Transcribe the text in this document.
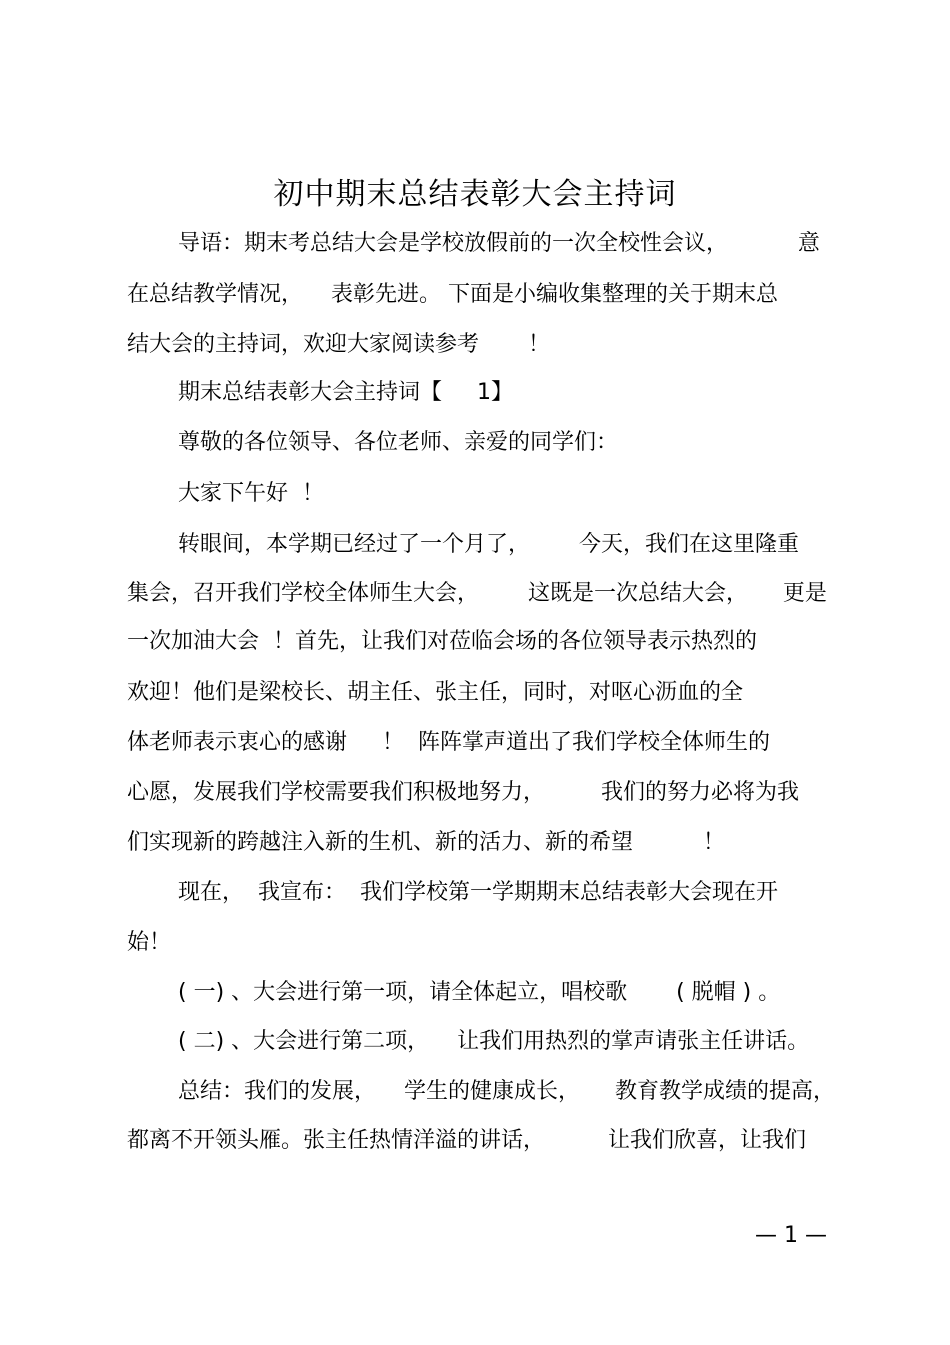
初中期末总结表彰大会主持词
导语：期末考总结大会是学校放假前的一次全校性会议，          意
在总结教学情况，    表彰先进。 下面是小编收集整理的关于期末总
结大会的主持词，欢迎大家阅读参考       ！
期末总结表彰大会主持词【     1】
尊敬的各位领导、各位老师、亲爱的同学们：
大家下午好  ！
转眼间，本学期已经过了一个月了，       今天，我们在这里隆重
集会，召开我们学校全体师生大会，       这既是一次总结大会，     更是
一次加油大会  ！首先，让我们对莅临会场的各位领导表示热烈的
欢迎！他们是梁校长、胡主任、张主任，同时，对呕心沥血的全
体老师表示衷心的感谢     ！  阵阵掌声道出了我们学校全体师生的
心愿，发展我们学校需要我们积极地努力，        我们的努力必将为我
们实现新的跨越注入新的生机、新的活力、新的希望          ！
现在，  我宣布：  我们学校第一学期期末总结表彰大会现在开
始！
( 一) 、大会进行第一项，请全体起立，唱校歌       ( 脱帽 ) 。
( 二) 、大会进行第二项，    让我们用热烈的掌声请张主任讲话。
总结：我们的发展，    学生的健康成长，     教育教学成绩的提高，
都离不开领头雁。张主任热情洋溢的讲话，         让我们欣喜，让我们
— 1 —
